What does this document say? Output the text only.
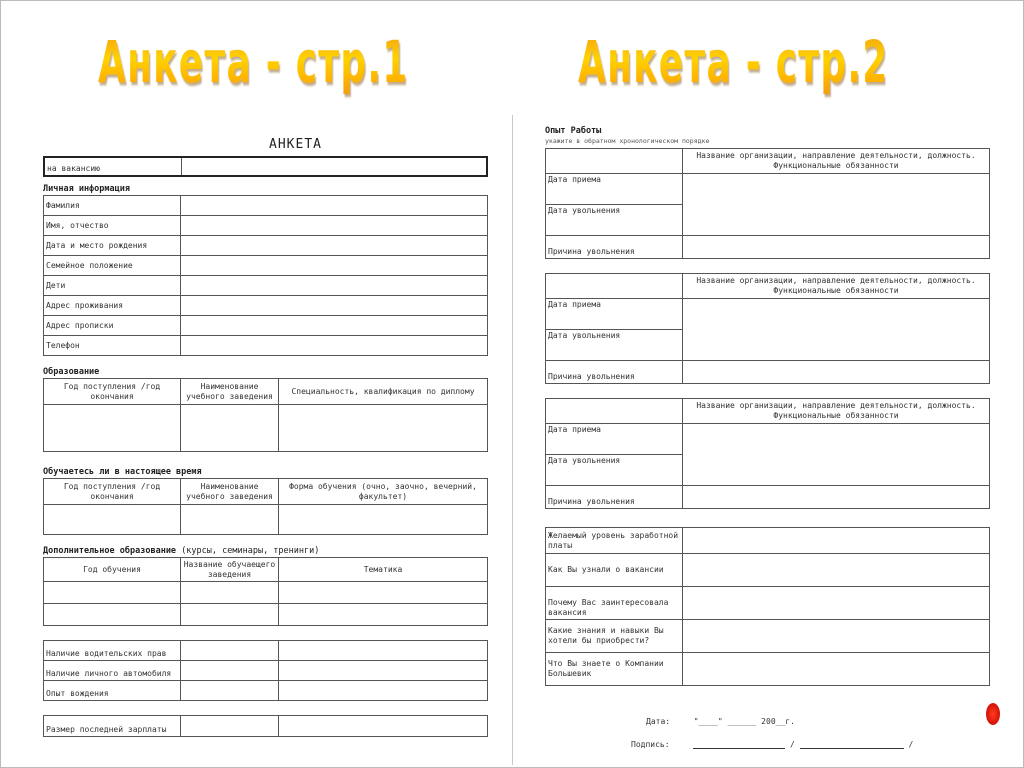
Анкета - стр.1	Анкета - стр.2
АНКЕТА
на вакансию	
Личная информация
Фамилия	
Имя, отчество	
Дата и место рождения	
Семейное положение	
Дети	
Адрес проживания	
Адрес прописки	
Телефон	
Образование
Год поступления /год окончания	Наименование учебного заведения	Специальность, квалификация по диплому

Обучаетесь ли в настоящее время
Год поступления /год окончания	Наименование учебного заведения	Форма обучения (очно, заочно, вечерний, факультет)

Дополнительное образование (курсы, семинары, тренинги)
Год обучения	Название обучаещего заведения	Тематика

Наличие водительских прав		
Наличие личного автомобиля		
Опыт вождения		
Размер последней зарплаты		
Опыт Работы
укажите в обратном хронологическом порядке
	Название организации, направление деятельности, должность. Функциональные обязанности
Дата приема	
Дата увольнения	
Причина увольнения	
	Название организации, направление деятельности, должность. Функциональные обязанности
Дата приема	
Дата увольнения	
Причина увольнения	
	Название организации, направление деятельности, должность. Функциональные обязанности
Дата приема	
Дата увольнения	
Причина увольнения	
Желаемый уровень заработной платы	
Как Вы узнали о вакансии	
Почему Вас заинтересовала вакансия	
Какие знания и навыки Вы хотели бы приобрести?	
Что Вы знаете о Компании Большевик	
Дата:	"____" ______ 200__г.
Подпись:	/	/
